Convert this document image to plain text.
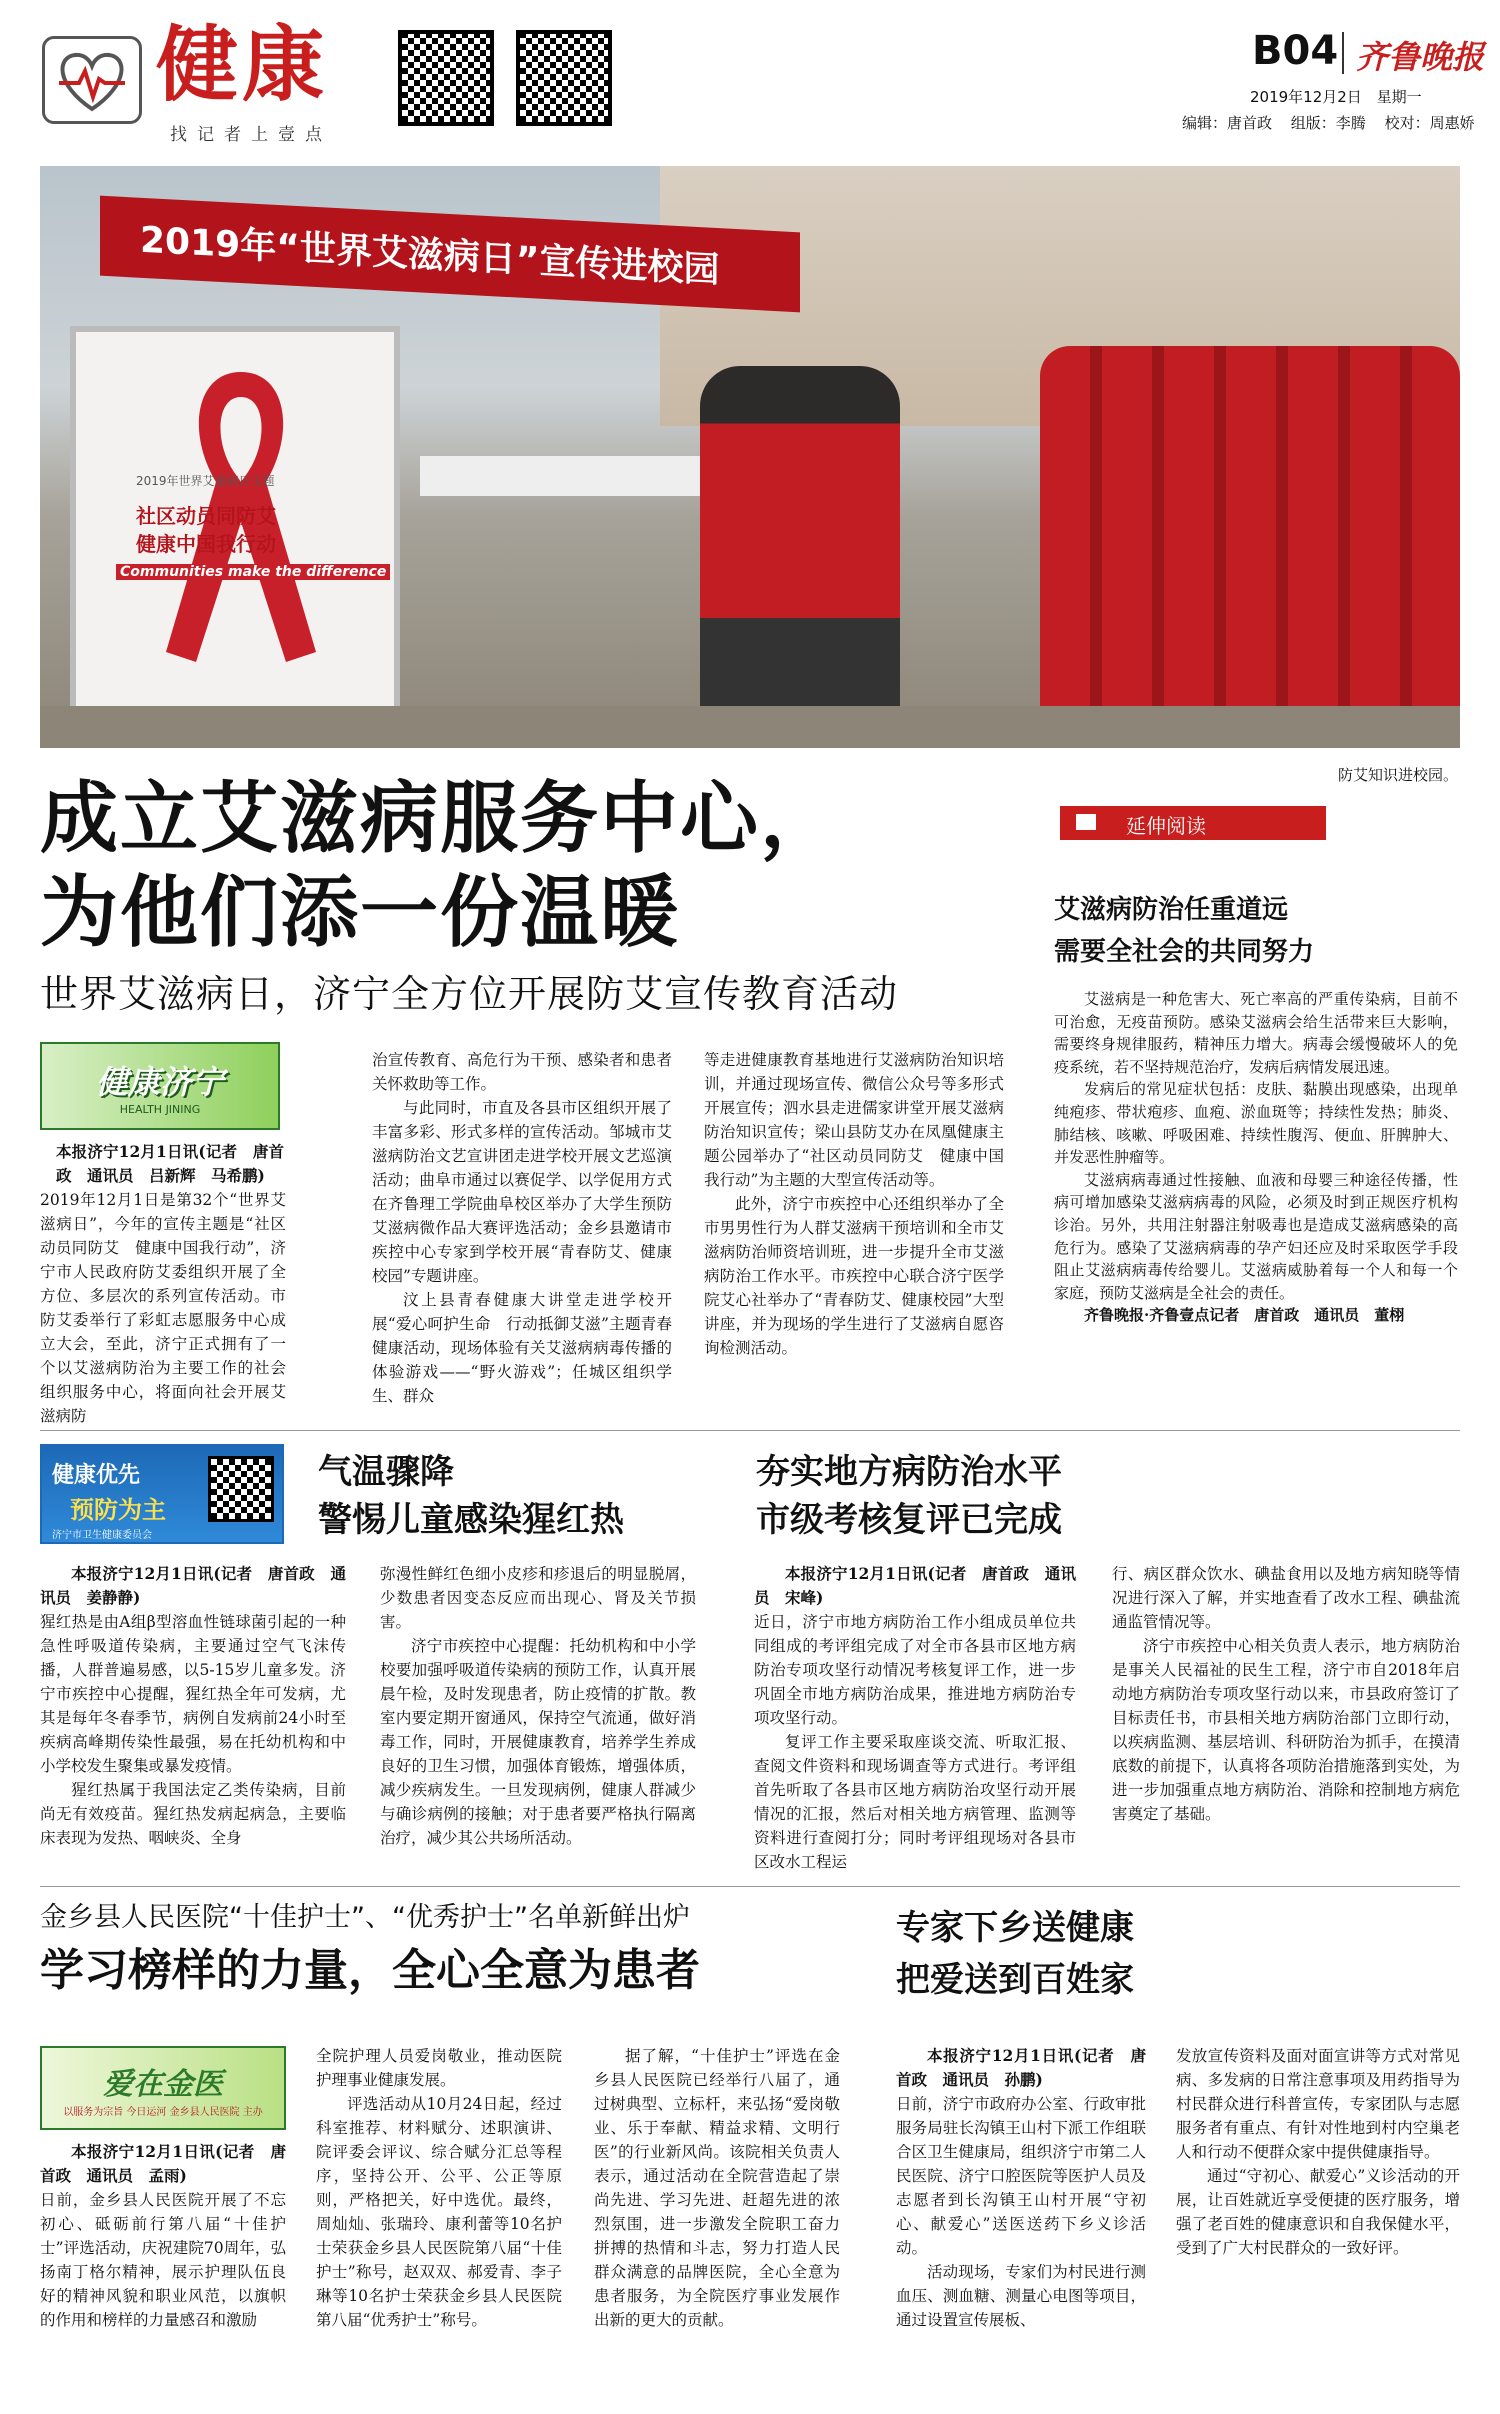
健康
找记者上壹点
B04 齐鲁晚报
2019年12月2日 星期一
编辑：唐首政 组版：李腾 校对：周惠娇
2019年“世界艾滋病日”宣传进校园
2019年世界艾滋病日主题
社区动员同防艾
健康中国我行动
Communities make the difference
防艾知识进校园。
成立艾滋病服务中心，
为他们添一份温暖
世界艾滋病日，济宁全方位开展防艾宣传教育活动
健康济宁
HEALTH JINING
本报济宁12月1日讯(记者　唐首政　通讯员　吕新辉　马希鹏)
2019年12月1日是第32个“世界艾滋病日”，今年的宣传主题是“社区动员同防艾　健康中国我行动”，济宁市人民政府防艾委组织开展了全方位、多层次的系列宣传活动。市防艾委举行了彩虹志愿服务中心成立大会，至此，济宁正式拥有了一个以艾滋病防治为主要工作的社会组织服务中心，将面向社会开展艾滋病防
治宣传教育、高危行为干预、感染者和患者关怀救助等工作。
与此同时，市直及各县市区组织开展了丰富多彩、形式多样的宣传活动。邹城市艾滋病防治文艺宣讲团走进学校开展文艺巡演活动；曲阜市通过以赛促学、以学促用方式在齐鲁理工学院曲阜校区举办了大学生预防艾滋病微作品大赛评选活动；金乡县邀请市疾控中心专家到学校开展“青春防艾、健康校园”专题讲座。
汶上县青春健康大讲堂走进学校开展“爱心呵护生命　行动抵御艾滋”主题青春健康活动，现场体验有关艾滋病病毒传播的体验游戏——“野火游戏”；任城区组织学生、群众
等走进健康教育基地进行艾滋病防治知识培训，并通过现场宣传、微信公众号等多形式开展宣传；泗水县走进儒家讲堂开展艾滋病防治知识宣传；梁山县防艾办在凤凰健康主题公园举办了“社区动员同防艾　健康中国我行动”为主题的大型宣传活动等。
此外，济宁市疾控中心还组织举办了全市男男性行为人群艾滋病干预培训和全市艾滋病防治师资培训班，进一步提升全市艾滋病防治工作水平。市疾控中心联合济宁医学院艾心社举办了“青春防艾、健康校园”大型讲座，并为现场的学生进行了艾滋病自愿咨询检测活动。
延伸阅读
艾滋病防治任重道远
需要全社会的共同努力
艾滋病是一种危害大、死亡率高的严重传染病，目前不可治愈，无疫苗预防。感染艾滋病会给生活带来巨大影响，需要终身规律服药，精神压力增大。病毒会缓慢破坏人的免疫系统，若不坚持规范治疗，发病后病情发展迅速。
发病后的常见症状包括：皮肤、黏膜出现感染，出现单纯疱疹、带状疱疹、血疱、淤血斑等；持续性发热；肺炎、肺结核、咳嗽、呼吸困难、持续性腹泻、便血、肝脾肿大、并发恶性肿瘤等。
艾滋病病毒通过性接触、血液和母婴三种途径传播，性病可增加感染艾滋病病毒的风险，必须及时到正规医疗机构诊治。另外，共用注射器注射吸毒也是造成艾滋病感染的高危行为。感染了艾滋病病毒的孕产妇还应及时采取医学手段阻止艾滋病病毒传给婴儿。艾滋病威胁着每一个人和每一个家庭，预防艾滋病是全社会的责任。
齐鲁晚报·齐鲁壹点记者　唐首政　通讯员　董栩
健康优先
预防为主
济宁市卫生健康委员会
气温骤降
警惕儿童感染猩红热
本报济宁12月1日讯(记者　唐首政　通讯员　姜静静)
猩红热是由A组β型溶血性链球菌引起的一种急性呼吸道传染病，主要通过空气飞沫传播，人群普遍易感，以5-15岁儿童多发。济宁市疾控中心提醒，猩红热全年可发病，尤其是每年冬春季节，病例自发病前24小时至疾病高峰期传染性最强，易在托幼机构和中小学校发生聚集或暴发疫情。
猩红热属于我国法定乙类传染病，目前尚无有效疫苗。猩红热发病起病急，主要临床表现为发热、咽峡炎、全身
弥漫性鲜红色细小皮疹和疹退后的明显脱屑，少数患者因变态反应而出现心、肾及关节损害。
济宁市疾控中心提醒：托幼机构和中小学校要加强呼吸道传染病的预防工作，认真开展晨午检，及时发现患者，防止疫情的扩散。教室内要定期开窗通风，保持空气流通，做好消毒工作，同时，开展健康教育，培养学生养成良好的卫生习惯，加强体育锻炼，增强体质，减少疾病发生。一旦发现病例，健康人群减少与确诊病例的接触；对于患者要严格执行隔离治疗，减少其公共场所活动。
夯实地方病防治水平
市级考核复评已完成
本报济宁12月1日讯(记者　唐首政　通讯员　宋峰)
近日，济宁市地方病防治工作小组成员单位共同组成的考评组完成了对全市各县市区地方病防治专项攻坚行动情况考核复评工作，进一步巩固全市地方病防治成果，推进地方病防治专项攻坚行动。
复评工作主要采取座谈交流、听取汇报、查阅文件资料和现场调查等方式进行。考评组首先听取了各县市区地方病防治攻坚行动开展情况的汇报，然后对相关地方病管理、监测等资料进行查阅打分；同时考评组现场对各县市区改水工程运
行、病区群众饮水、碘盐食用以及地方病知晓等情况进行深入了解，并实地查看了改水工程、碘盐流通监管情况等。
济宁市疾控中心相关负责人表示，地方病防治是事关人民福祉的民生工程，济宁市自2018年启动地方病防治专项攻坚行动以来，市县政府签订了目标责任书，市县相关地方病防治部门立即行动，以疾病监测、基层培训、科研防治为抓手，在摸清底数的前提下，认真将各项防治措施落到实处，为进一步加强重点地方病防治、消除和控制地方病危害奠定了基础。
金乡县人民医院“十佳护士”、“优秀护士”名单新鲜出炉
学习榜样的力量，全心全意为患者
爱在金医
以服务为宗旨 今日运河 金乡县人民医院 主办
本报济宁12月1日讯(记者　唐首政　通讯员　孟雨)
日前，金乡县人民医院开展了不忘初心、砥砺前行第八届“十佳护士”评选活动，庆祝建院70周年，弘扬南丁格尔精神，展示护理队伍良好的精神风貌和职业风范，以旗帜的作用和榜样的力量感召和激励
全院护理人员爱岗敬业，推动医院护理事业健康发展。
评选活动从10月24日起，经过科室推荐、材料赋分、述职演讲、院评委会评议、综合赋分汇总等程序，坚持公开、公平、公正等原则，严格把关，好中选优。最终，周灿灿、张瑞玲、康利蕾等10名护士荣获金乡县人民医院第八届“十佳护士”称号，赵双双、郝爱青、李子琳等10名护士荣获金乡县人民医院第八届“优秀护士”称号。
据了解，“十佳护士”评选在金乡县人民医院已经举行八届了，通过树典型、立标杆，来弘扬“爱岗敬业、乐于奉献、精益求精、文明行医”的行业新风尚。该院相关负责人表示，通过活动在全院营造起了崇尚先进、学习先进、赶超先进的浓烈氛围，进一步激发全院职工奋力拼搏的热情和斗志，努力打造人民群众满意的品牌医院，全心全意为患者服务，为全院医疗事业发展作出新的更大的贡献。
专家下乡送健康
把爱送到百姓家
本报济宁12月1日讯(记者　唐首政　通讯员　孙鹏)
日前，济宁市政府办公室、行政审批服务局驻长沟镇王山村下派工作组联合区卫生健康局，组织济宁市第二人民医院、济宁口腔医院等医护人员及志愿者到长沟镇王山村开展“守初心、献爱心”送医送药下乡义诊活动。
活动现场，专家们为村民进行测血压、测血糖、测量心电图等项目，通过设置宣传展板、
发放宣传资料及面对面宣讲等方式对常见病、多发病的日常注意事项及用药指导为村民群众进行科普宣传，专家团队与志愿服务者有重点、有针对性地到村内空巢老人和行动不便群众家中提供健康指导。
通过“守初心、献爱心”义诊活动的开展，让百姓就近享受便捷的医疗服务，增强了老百姓的健康意识和自我保健水平，受到了广大村民群众的一致好评。
